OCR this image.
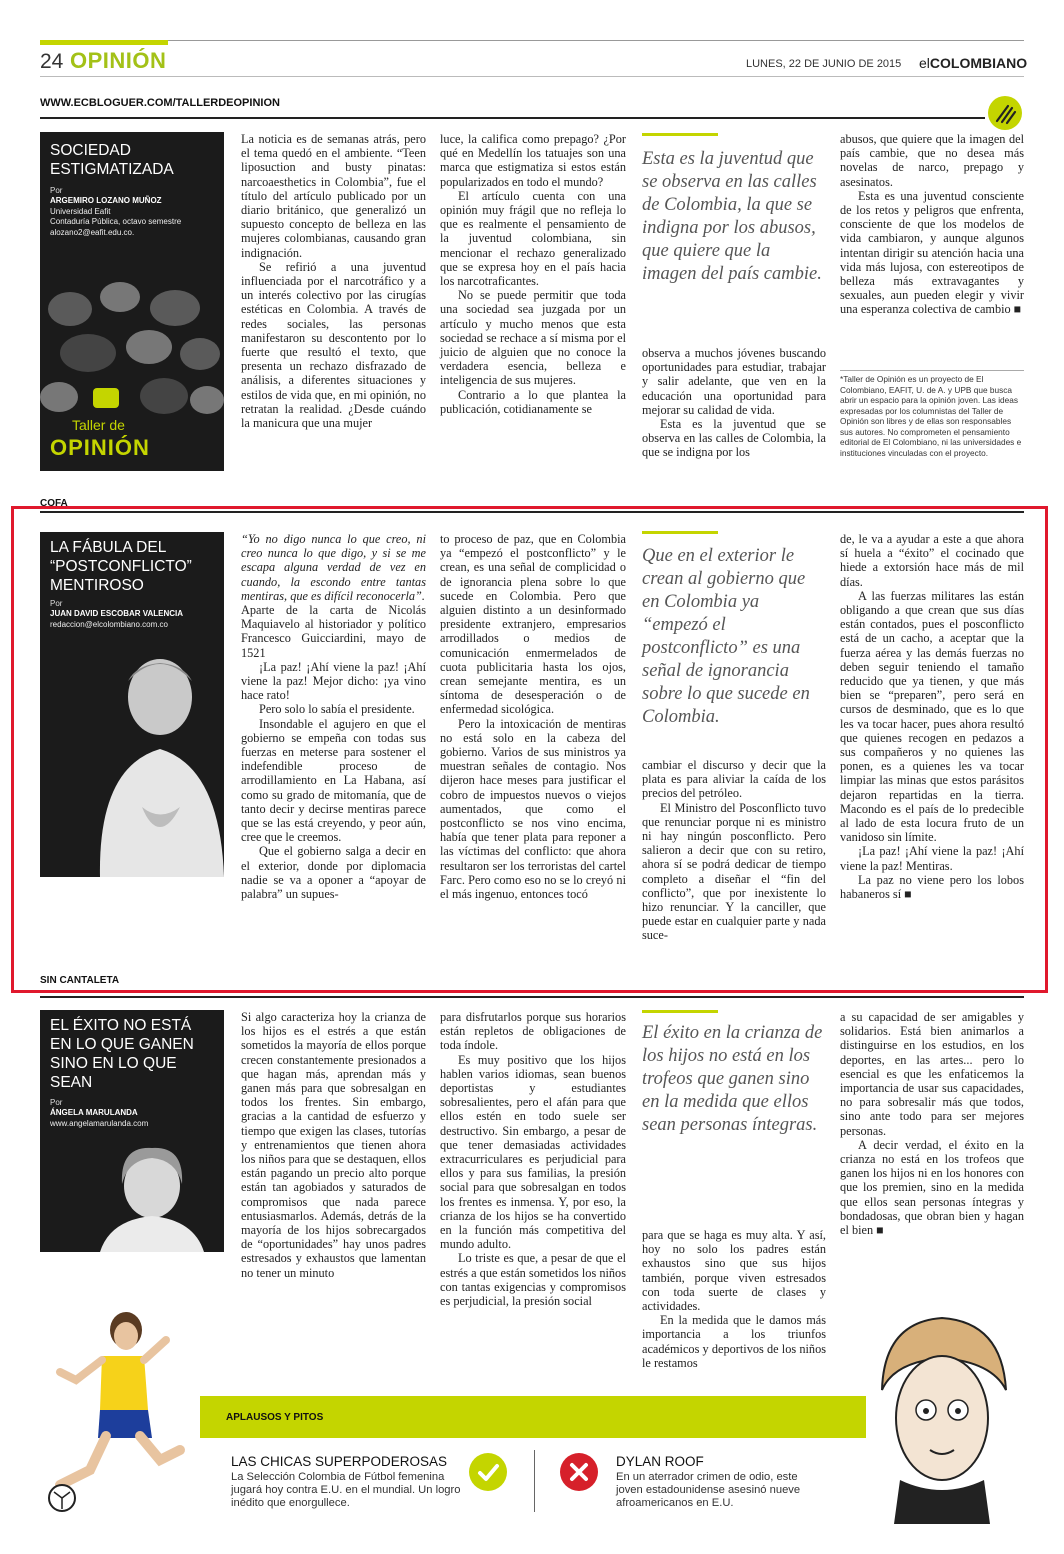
24 OPINIÓN	LUNES, 22 DE JUNIO DE 2015 elCOLOMBIANO
WWW.ECBLOGUER.COM/TALLERDEOPINION
SOCIEDAD ESTIGMATIZADA
Por
ARGEMIRO LOZANO MUÑOZ
Universidad Eafit
Contaduría Pública, octavo semestre
alozano2@eafit.edu.co.
Taller de
OPINIÓN

La noticia es de semanas atrás, pero el tema quedó en el ambiente. “Teen liposuction and busty pinatas: narcoaesthetics in Colombia”, fue el título del artículo publicado por un diario británico, que generalizó un supuesto concepto de belleza en las mujeres colombianas, causando gran indignación.

Se refirió a una juventud influenciada por el narcotráfico y a un interés colectivo por las cirugías estéticas en Colombia. A través de redes sociales, las personas manifestaron su descontento por lo fuerte que resultó el texto, que presenta un rechazo disfrazado de análisis, a diferentes situaciones y estilos de vida que, en mi opinión, no retratan la realidad. ¿Desde cuándo la manicura que una mujer

luce, la califica como prepago? ¿Por qué en Medellín los tatuajes son una marca que estigmatiza si estos están popularizados en todo el mundo?

El artículo cuenta con una opinión muy frágil que no refleja lo que es realmente el pensamiento de la juventud colombiana, sin mencionar el rechazo generalizado que se expresa hoy en el país hacia los narcotraficantes.

No se puede permitir que toda una sociedad sea juzgada por un artículo y mucho menos que esta sociedad se rechace a sí misma por el juicio de alguien que no conoce la verdadera esencia, belleza e inteligencia de sus mujeres.

Contrario a lo que plantea la publicación, cotidianamente se

Esta es la juventud que se observa en las calles de Colombia, la que se indigna por los abusos, que quiere que la imagen del país cambie.

observa a muchos jóvenes buscando oportunidades para estudiar, trabajar y salir adelante, que ven en la educación una oportunidad para mejorar su calidad de vida.

Esta es la juventud que se observa en las calles de Colombia, la que se indigna por los

abusos, que quiere que la imagen del país cambie, que no desea más novelas de narco, prepago y asesinatos.

Esta es una juventud consciente de los retos y peligros que enfrenta, consciente de que los modelos de vida cambiaron, y aunque algunos intentan dirigir su atención hacia una vida más lujosa, con estereotipos de belleza más extravagantes y sexuales, aun pueden elegir y vivir una esperanza colectiva de cambio ■

*Taller de Opinión es un proyecto de El Colombiano, EAFIT, U. de A. y UPB que busca abrir un espacio para la opinión joven. Las ideas expresadas por los columnistas del Taller de Opinión son libres y de ellas son responsables sus autores. No comprometen el pensamiento editorial de El Colombiano, ni las universidades e instituciones vinculadas con el proyecto.
COFA
LA FÁBULA DEL “POSTCONFLICTO” MENTIROSO
Por
JUAN DAVID ESCOBAR VALENCIA
redaccion@elcolombiano.com.co

“Yo no digo nunca lo que creo, ni creo nunca lo que digo, y si se me escapa alguna verdad de vez en cuando, la escondo entre tantas mentiras, que es difícil reconocerla”.

Aparte de la carta de Nicolás Maquiavelo al historiador y político Francesco Guicciardini, mayo de 1521

¡La paz! ¡Ahí viene la paz! ¡Ahí viene la paz! Mejor dicho: ¡ya vino hace rato!

Pero solo lo sabía el presidente.

Insondable el agujero en que el gobierno se empeña con todas sus fuerzas en meterse para sostener el indefendible proceso de arrodillamiento en La Habana, así como su grado de mitomanía, que de tanto decir y decirse mentiras parece que se las está creyendo, y peor aún, cree que le creemos.

Que el gobierno salga a decir en el exterior, donde por diplomacia nadie se va a oponer a “apoyar de palabra” un supues-

to proceso de paz, que en Colombia ya “empezó el postconflicto” y le crean, es una señal de complicidad o de ignorancia plena sobre lo que sucede en Colombia. Pero que alguien distinto a un desinformado presidente extranjero, empresarios arrodillados o medios de comunicación enmermelados de cuota publicitaria hasta los ojos, crean semejante mentira, es un síntoma de desesperación o de enfermedad sicológica.

Pero la intoxicación de mentiras no está solo en la cabeza del gobierno. Varios de sus ministros ya muestran señales de contagio. Nos dijeron hace meses para justificar el cobro de impuestos nuevos o viejos aumentados, que como el postconflicto se nos vino encima, había que tener plata para reponer a las víctimas del conflicto: que ahora resultaron ser los terroristas del cartel Farc. Pero como eso no se lo creyó ni el más ingenuo, entonces tocó

Que en el exterior le crean al gobierno que en Colombia ya “empezó el postconflicto” es una señal de ignorancia sobre lo que sucede en Colombia.

cambiar el discurso y decir que la plata es para aliviar la caída de los precios del petróleo.

El Ministro del Posconflicto tuvo que renunciar porque ni es ministro ni hay ningún posconflicto. Pero salieron a decir que con su retiro, ahora sí se podrá dedicar de tiempo completo a diseñar el “fin del conflicto”, que por inexistente lo hizo renunciar. Y la canciller, que puede estar en cualquier parte y nada suce-

de, le va a ayudar a este a que ahora sí huela a “éxito” el cocinado que hiede a extorsión hace más de mil días.

A las fuerzas militares las están obligando a que crean que sus días están contados, pues el posconflicto está de un cacho, a aceptar que la fuerza aérea y las demás fuerzas no deben seguir teniendo el tamaño reducido que ya tienen, y que más bien se “preparen”, pero será en cursos de desminado, que es lo que les va tocar hacer, pues ahora resultó que quienes recogen en pedazos a sus compañeros y no quienes las ponen, es a quienes les va tocar limpiar las minas que estos parásitos dejaron repartidas en la tierra. Macondo es el país de lo predecible al lado de esta locura fruto de un vanidoso sin límite.

¡La paz! ¡Ahí viene la paz! ¡Ahí viene la paz! Mentiras.

La paz no viene pero los lobos habaneros sí ■

SIN CANTALETA
EL ÉXITO NO ESTÁ EN LO QUE GANEN SINO EN LO QUE SEAN
Por
ÁNGELA MARULANDA
www.angelamarulanda.com

Si algo caracteriza hoy la crianza de los hijos es el estrés a que están sometidos la mayoría de ellos porque crecen constantemente presionados a que hagan más, aprendan más y ganen más para que sobresalgan en todos los frentes. Sin embargo, gracias a la cantidad de esfuerzo y tiempo que exigen las clases, tutorías y entrenamientos que tienen ahora los niños para que se destaquen, ellos están pagando un precio alto porque están tan agobiados y saturados de compromisos que nada parece entusiasmarlos. Además, detrás de la mayoría de los hijos sobrecargados de “oportunidades” hay unos padres estresados y exhaustos que lamentan no tener un minuto

para disfrutarlos porque sus horarios están repletos de obligaciones de toda índole.

Es muy positivo que los hijos hablen varios idiomas, sean buenos deportistas y estudiantes sobresalientes, pero el afán para que ellos estén en todo suele ser destructivo. Sin embargo, a pesar de que tener demasiadas actividades extracurriculares es perjudicial para ellos y para sus familias, la presión social para que sobresalgan en todos los frentes es inmensa. Y, por eso, la crianza de los hijos se ha convertido en la función más competitiva del mundo adulto.

Lo triste es que, a pesar de que el estrés a que están sometidos los niños con tantas exigencias y compromisos es perjudicial, la presión social

El éxito en la crianza de los hijos no está en los trofeos que ganen sino en la medida que ellos sean personas íntegras.

para que se haga es muy alta. Y así, hoy no solo los padres están exhaustos sino que sus hijos también, porque viven estresados con toda suerte de clases y actividades.

En la medida que le damos más importancia a los triunfos académicos y deportivos de los niños le restamos

a su capacidad de ser amigables y solidarios. Está bien animarlos a distinguirse en los estudios, en los deportes, en las artes... pero lo esencial es que les enfaticemos la importancia de usar sus capacidades, no para sobresalir más que todos, sino ante todo para ser mejores personas.

A decir verdad, el éxito en la crianza no está en los trofeos que ganen los hijos ni en los honores con que los premien, sino en la medida que ellos sean personas íntegras y bondadosas, que obran bien y hagan el bien ■

APLAUSOS Y PITOS
LAS CHICAS SUPERPODEROSAS
La Selección Colombia de Fútbol femenina jugará hoy contra E.U. en el mundial. Un logro inédito que enorgullece.
DYLAN ROOF
En un aterrador crimen de odio, este joven estadounidense asesinó nueve afroamericanos en E.U.
